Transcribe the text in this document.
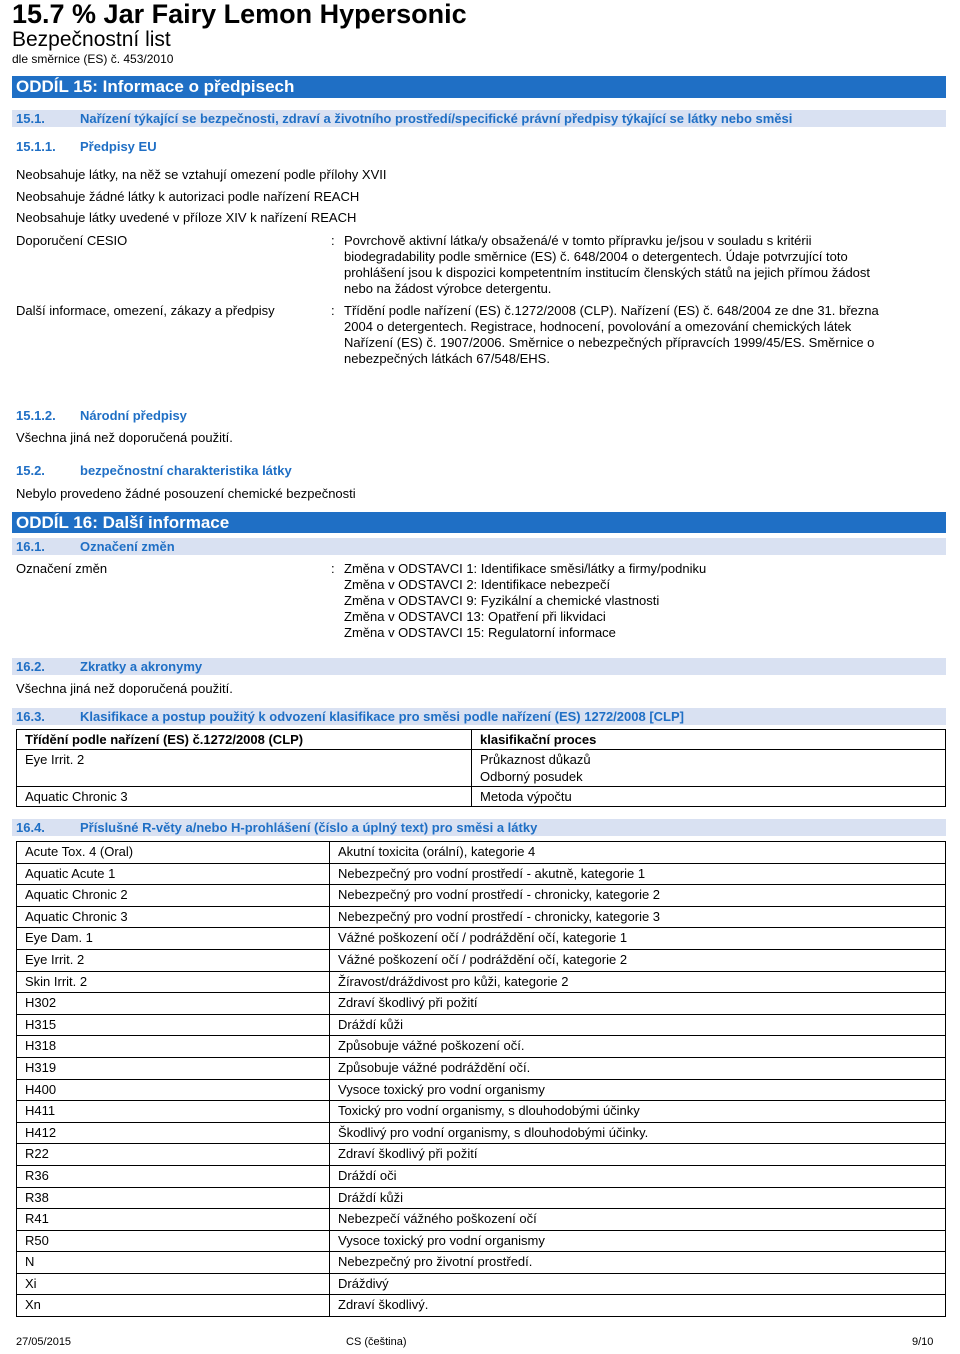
15.7 % Jar Fairy Lemon Hypersonic
Bezpečnostní list
dle směrnice (ES) č. 453/2010
ODDÍL 15: Informace o předpisech
15.1.	Nařízení týkající se bezpečnosti, zdraví a životního prostředí/specifické právní předpisy týkající se látky nebo směsi
15.1.1. Předpisy EU
Neobsahuje látky, na něž se vztahují omezení podle přílohy XVII
Neobsahuje žádné látky k autorizaci podle nařízení REACH
Neobsahuje látky uvedené v příloze XIV k nařízení REACH
Doporučení CESIO	: Povrchově aktivní látka/y obsažená/é v tomto přípravku je/jsou v souladu s kritérii
biodegradability podle směrnice (ES) č. 648/2004 o detergentech. Údaje potvrzující toto
prohlášení jsou k dispozici kompetentním institucím členských států na jejich přímou žádost
nebo na žádost výrobce detergentu.
Další informace, omezení, zákazy a předpisy	: Třídění podle nařízení (ES) č.1272/2008 (CLP). Nařízení (ES) č. 648/2004 ze dne 31. března
2004 o detergentech. Registrace, hodnocení, povolování a omezování chemických látek
Nařízení (ES) č. 1907/2006. Směrnice o nebezpečných přípravcích 1999/45/ES. Směrnice o
nebezpečných látkách 67/548/EHS.
15.1.2. Národní předpisy
Všechna jiná než doporučená použití.
15.2.	bezpečnostní charakteristika látky
Nebylo provedeno žádné posouzení chemické bezpečnosti
ODDÍL 16: Další informace
16.1.	Označení změn
Označení změn	: Změna v ODSTAVCI 1: Identifikace směsi/látky a firmy/podniku
Změna v ODSTAVCI 2: Identifikace nebezpečí
Změna v ODSTAVCI 9: Fyzikální a chemické vlastnosti
Změna v ODSTAVCI 13: Opatření při likvidaci
Změna v ODSTAVCI 15: Regulatorní informace
16.2.	Zkratky a akronymy
Všechna jiná než doporučená použití.
16.3.	Klasifikace a postup použitý k odvození klasifikace pro směsi podle nařízení (ES) 1272/2008 [CLP]
Třídění podle nařízení (ES) č.1272/2008 (CLP)	klasifikační proces
Eye Irrit. 2	Průkaznost důkazů
Odborný posudek

Aquatic Chronic 3	Metoda výpočtu
16.4.	Příslušné R-věty a/nebo H-prohlášení (číslo a úplný text) pro směsi a látky
Acute Tox. 4 (Oral)	Akutní toxicita (orální), kategorie 4
Aquatic Acute 1	Nebezpečný pro vodní prostředí - akutně, kategorie 1
Aquatic Chronic 2	Nebezpečný pro vodní prostředí - chronicky, kategorie 2
Aquatic Chronic 3	Nebezpečný pro vodní prostředí - chronicky, kategorie 3
Eye Dam. 1	Vážné poškození očí / podráždění očí, kategorie 1
Eye Irrit. 2	Vážné poškození očí / podráždění očí, kategorie 2
Skin Irrit. 2	Žíravost/dráždivost pro kůži, kategorie 2
H302	Zdraví škodlivý při požití
H315	Dráždí kůži
H318	Způsobuje vážné poškození očí.
H319	Způsobuje vážné podráždění očí.
H400	Vysoce toxický pro vodní organismy
H411	Toxický pro vodní organismy, s dlouhodobými účinky
H412	Škodlivý pro vodní organismy, s dlouhodobými účinky.
R22	Zdraví škodlivý při požití
R36	Dráždí oči
R38	Dráždí kůži
R41	Nebezpečí vážného poškození očí
R50	Vysoce toxický pro vodní organismy
N	Nebezpečný pro životní prostředí.
Xi	Dráždivý
Xn	Zdraví škodlivý.
27/05/2015	CS (čeština)	9/10
